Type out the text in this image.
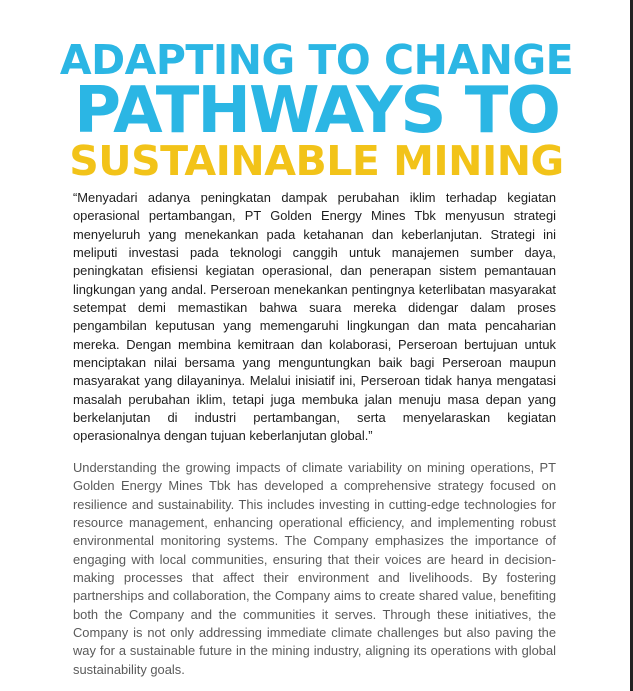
ADAPTING TO CHANGE
PATHWAYS TO
SUSTAINABLE MINING

“Menyadari adanya peningkatan dampak perubahan iklim terhadap kegiatan operasional pertambangan, PT Golden Energy Mines Tbk menyusun strategi menyeluruh yang menekankan pada ketahanan dan keberlanjutan. Strategi ini meliputi investasi pada teknologi canggih untuk manajemen sumber daya, peningkatan efisiensi kegiatan operasional, dan penerapan sistem pemantauan lingkungan yang andal. Perseroan menekankan pentingnya keterlibatan masyarakat setempat demi memastikan bahwa suara mereka didengar dalam proses pengambilan keputusan yang memengaruhi lingkungan dan mata pencaharian mereka. Dengan membina kemitraan dan kolaborasi, Perseroan bertujuan untuk menciptakan nilai bersama yang menguntungkan baik bagi Perseroan maupun masyarakat yang dilayaninya. Melalui inisiatif ini, Perseroan tidak hanya mengatasi masalah perubahan iklim, tetapi juga membuka jalan menuju masa depan yang berkelanjutan di industri pertambangan, serta menyelaraskan kegiatan operasionalnya dengan tujuan keberlanjutan global.”

Understanding the growing impacts of climate variability on mining operations, PT Golden Energy Mines Tbk has developed a comprehensive strategy focused on resilience and sustainability. This includes investing in cutting-edge technologies for resource management, enhancing operational efficiency, and implementing robust environmental monitoring systems. The Company emphasizes the importance of engaging with local communities, ensuring that their voices are heard in decision-making processes that affect their environment and livelihoods. By fostering partnerships and collaboration, the Company aims to create shared value, benefiting both the Company and the communities it serves. Through these initiatives, the Company is not only addressing immediate climate challenges but also paving the way for a sustainable future in the mining industry, aligning its operations with global sustainability goals.
